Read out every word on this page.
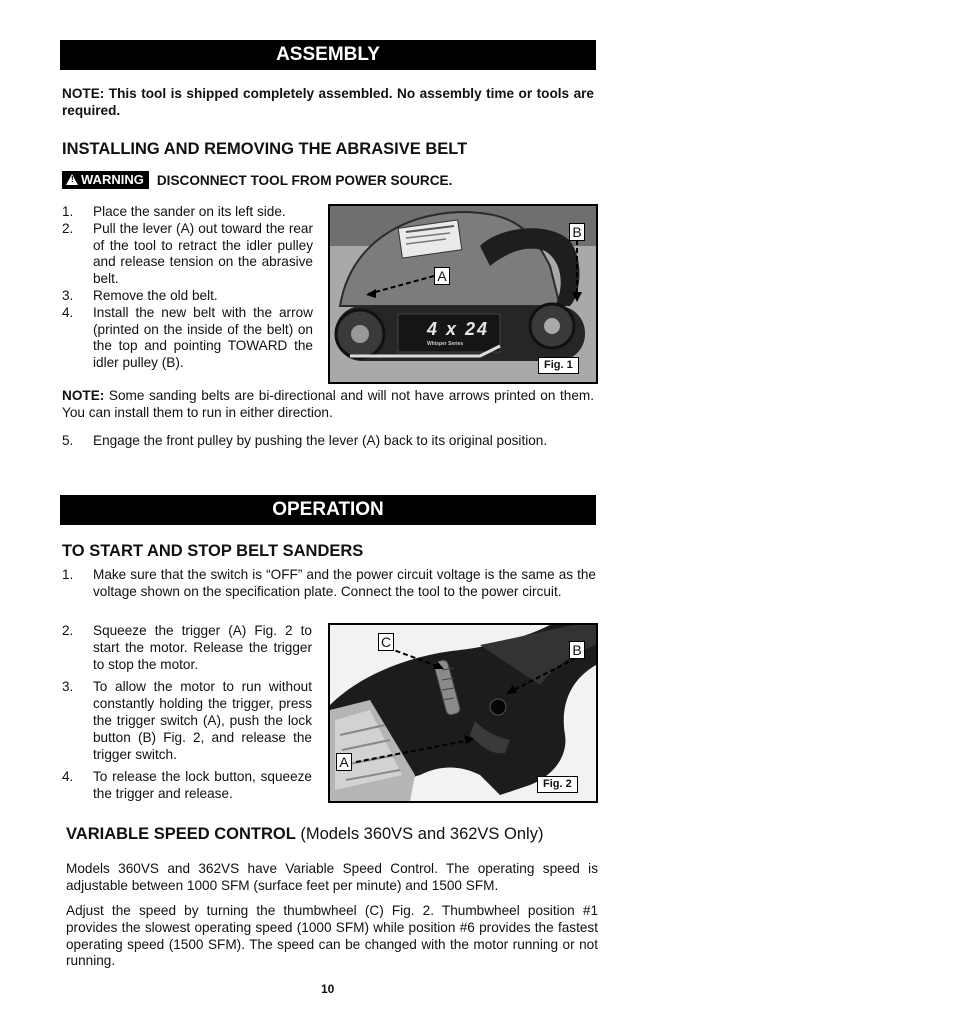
ASSEMBLY
NOTE: This tool is shipped completely assembled. No assembly time or tools are required.
INSTALLING AND REMOVING THE ABRASIVE BELT
! WARNING DISCONNECT TOOL FROM POWER SOURCE.
1. Place the sander on its left side.
2. Pull the lever (A) out toward the rear of the tool to retract the idler pulley and release tension on the abrasive belt.
3. Remove the old belt.
4. Install the new belt with the arrow (printed on the inside of the belt) on the top and pointing TOWARD the idler pulley (B).
4 x 24
Whisper Series
A
B
Fig. 1
NOTE: Some sanding belts are bi-directional and will not have arrows printed on them. You can install them to run in either direction.
5. Engage the front pulley by pushing the lever (A) back to its original position.
OPERATION
TO START AND STOP BELT SANDERS
1. Make sure that the switch is “OFF” and the power circuit voltage is the same as the voltage shown on the specification plate. Connect the tool to the power circuit.
2. Squeeze the trigger (A) Fig. 2 to start the motor. Release the trigger to stop the motor.
3. To allow the motor to run without constantly holding the trigger, press the trigger switch (A), push the lock button (B) Fig. 2, and release the trigger switch.
4. To release the lock button, squeeze the trigger and release.
C	B
A
Fig. 2
VARIABLE SPEED CONTROL (Models 360VS and 362VS Only)
Models 360VS and 362VS have Variable Speed Control. The operating speed is adjustable between 1000 SFM (surface feet per minute) and 1500 SFM.
Adjust the speed by turning the thumbwheel (C) Fig. 2. Thumbwheel position #1 provides the slowest operating speed (1000 SFM) while position #6 provides the fastest operating speed (1500 SFM). The speed can be changed with the motor running or not running.
10
